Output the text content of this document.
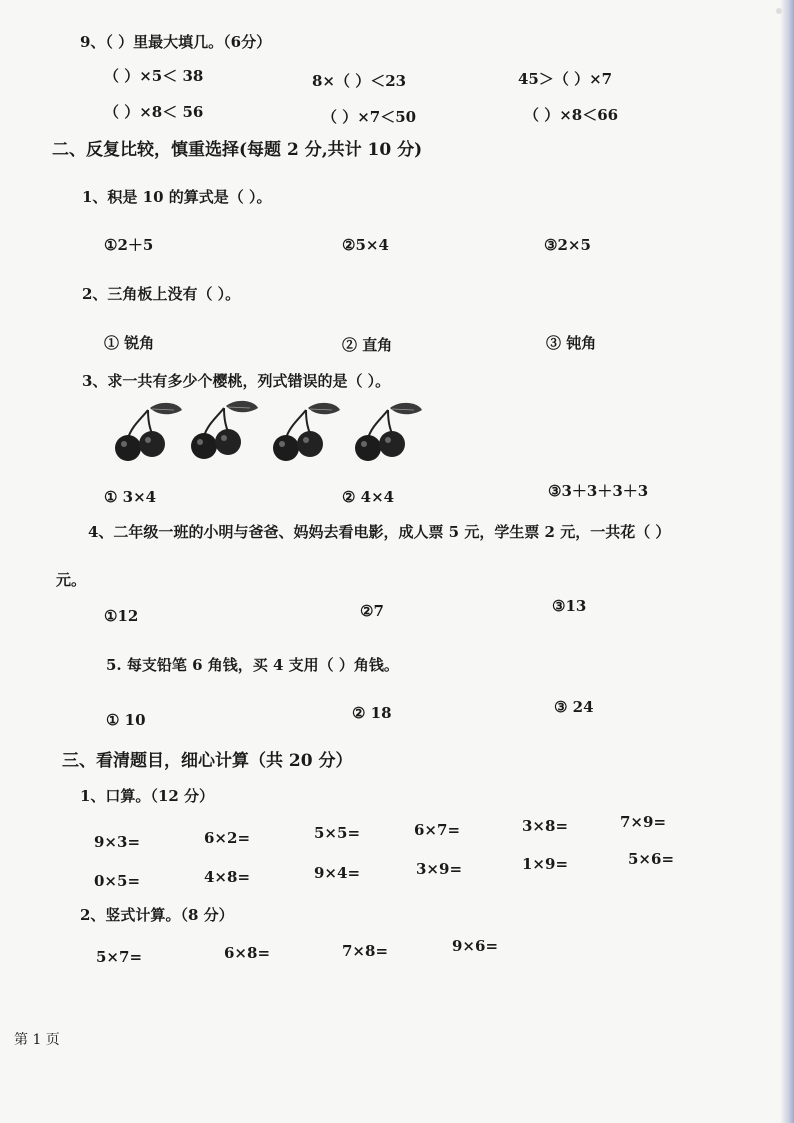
9、（ ）里最大填几。（6分）
（ ）×5＜ 38	8×（ ）＜23	45＞（ ）×7
（ ）×8＜ 56	（ ）×7＜50	（ ）×8＜66
二、反复比较，慎重选择(每题 2 分,共计 10 分)
1、积是 10 的算式是（ ）。
①2＋5	②5×4	③2×5
2、三角板上没有（ ）。
① 锐角	② 直角	③ 钝角
3、求一共有多少个樱桃，列式错误的是（ ）。
① 3×4	② 4×4	③3＋3＋3＋3
4、二年级一班的小明与爸爸、妈妈去看电影，成人票 5 元，学生票 2 元，一共花（ ）
元。
①12	②7	③13
5. 每支铅笔 6 角钱，买 4 支用（ ）角钱。
① 10	② 18	③ 24
三、看清题目，细心计算（共 20 分）
1、口算。（12 分）
9×3=	6×2=	5×5=	6×7=	3×8=	7×9=
0×5=	4×8=	9×4=	3×9=	1×9=	5×6=
2、竖式计算。（8 分）
5×7=	6×8=	7×8=	9×6=
第 1 页
